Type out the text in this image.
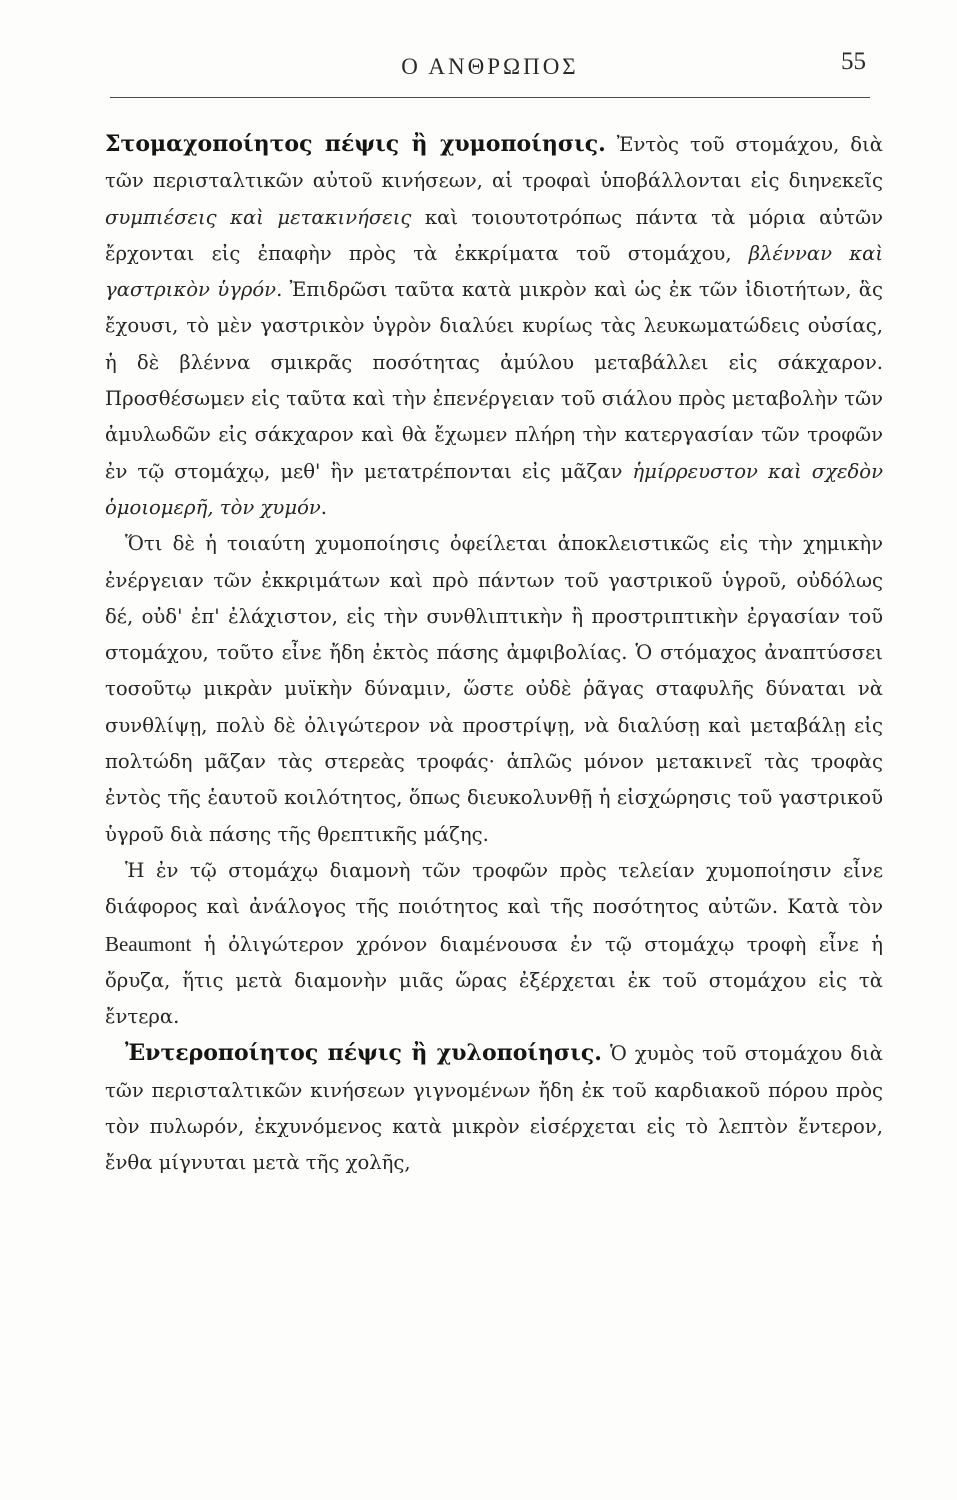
Ο ΑΝΘΡΩΠΟΣ	55

Στομαχοποίητος πέψις ἢ χυμοποίησις. Ἐντὸς τοῦ στομάχου, διὰ τῶν περισταλτικῶν αὐτοῦ κινήσεων, αἱ τροφαὶ ὑποβάλλονται εἰς διηνεκεῖς συμπιέσεις καὶ μετακινήσεις καὶ τοιουτοτρόπως πάντα τὰ μόρια αὐτῶν ἔρχονται εἰς ἐπαφὴν πρὸς τὰ ἐκκρίματα τοῦ στομάχου, βλένναν καὶ γαστρικὸν ὑγρόν. Ἐπιδρῶσι ταῦτα κατὰ μικρὸν καὶ ὡς ἐκ τῶν ἰδιοτήτων, ἃς ἔχουσι, τὸ μὲν γαστρικὸν ὑγρὸν διαλύει κυρίως τὰς λευκωματώδεις οὐσίας, ἡ δὲ βλέννα σμικρᾶς ποσότητας ἀμύλου μεταβάλλει εἰς σάκχαρον. Προσθέσωμεν εἰς ταῦτα καὶ τὴν ἐπενέργειαν τοῦ σιάλου πρὸς μεταβολὴν τῶν ἀμυλωδῶν εἰς σάκχαρον καὶ θὰ ἔχωμεν πλήρη τὴν κατεργασίαν τῶν τροφῶν ἐν τῷ στομάχῳ, μεθ' ἣν μετατρέπονται εἰς μᾶζαν ἡμίρρευστον καὶ σχεδὸν ὁμοιομερῆ, τὸν χυμόν.

Ὅτι δὲ ἡ τοιαύτη χυμοποίησις ὀφείλεται ἀποκλειστικῶς εἰς τὴν χημικὴν ἐνέργειαν τῶν ἐκκριμάτων καὶ πρὸ πάντων τοῦ γαστρικοῦ ὑγροῦ, οὐδόλως δέ, οὐδ' ἐπ' ἐλάχιστον, εἰς τὴν συνθλιπτικὴν ἢ προστριπτικὴν ἐργασίαν τοῦ στομάχου, τοῦτο εἶνε ἤδη ἐκτὸς πάσης ἀμφιβολίας. Ὁ στόμαχος ἀναπτύσσει τοσοῦτῳ μικρὰν μυϊκὴν δύναμιν, ὥστε οὐδὲ ῥᾶγας σταφυλῆς δύναται νὰ συνθλίψῃ, πολὺ δὲ ὀλιγώτερον νὰ προστρίψῃ, νὰ διαλύσῃ καὶ μεταβάλῃ εἰς πολτώδη μᾶζαν τὰς στερεὰς τροφάς· ἁπλῶς μόνον μετακινεῖ τὰς τροφὰς ἐντὸς τῆς ἑαυτοῦ κοιλότητος, ὅπως διευκολυνθῇ ἡ εἰσχώρησις τοῦ γαστρικοῦ ὑγροῦ διὰ πάσης τῆς θρεπτικῆς μάζης.

Ἡ ἐν τῷ στομάχῳ διαμονὴ τῶν τροφῶν πρὸς τελείαν χυμοποίησιν εἶνε διάφορος καὶ ἀνάλογος τῆς ποιότητος καὶ τῆς ποσότητος αὐτῶν. Κατὰ τὸν Beaumont ἡ ὀλιγώτερον χρόνον διαμένουσα ἐν τῷ στομάχῳ τροφὴ εἶνε ἡ ὄρυζα, ἥτις μετὰ διαμονὴν μιᾶς ὥρας ἐξέρχεται ἐκ τοῦ στομάχου εἰς τὰ ἔντερα.

Ἐντεροποίητος πέψις ἢ χυλοποίησις. Ὁ χυμὸς τοῦ στομάχου διὰ τῶν περισταλτικῶν κινήσεων γιγνομένων ἤδη ἐκ τοῦ καρδιακοῦ πόρου πρὸς τὸν πυλωρόν, ἐκχυνόμενος κατὰ μικρὸν εἰσέρχεται εἰς τὸ λεπτὸν ἔντερον, ἔνθα μίγνυται μετὰ τῆς χολῆς,
